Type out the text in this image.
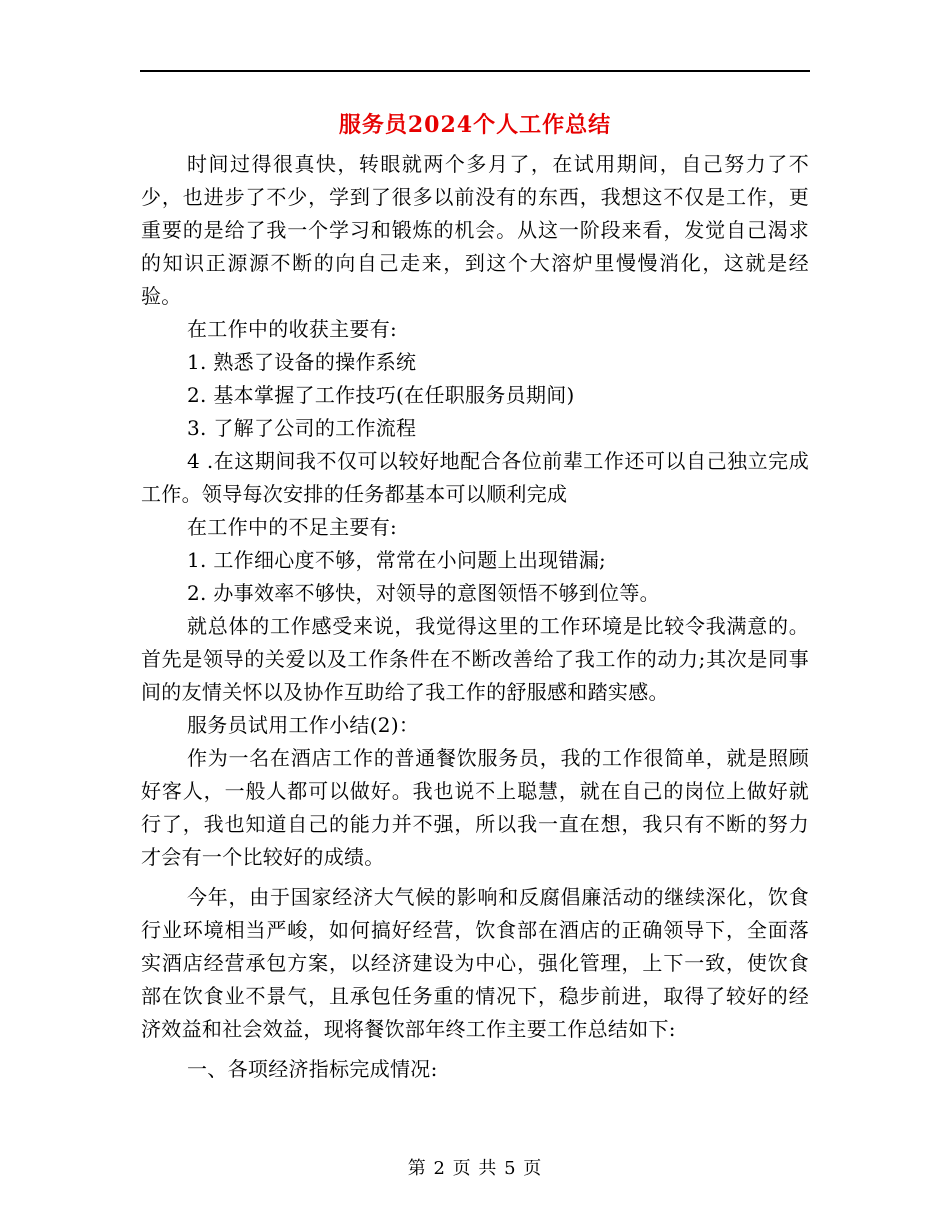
服务员2024个人工作总结

时间过得很真快，转眼就两个多月了，在试用期间，自己努力了不少，也进步了不少，学到了很多以前没有的东西，我想这不仅是工作，更重要的是给了我一个学习和锻炼的机会。从这一阶段来看，发觉自己渴求的知识正源源不断的向自己走来，到这个大溶炉里慢慢消化，这就是经验。

在工作中的收获主要有:

1. 熟悉了设备的操作系统

2. 基本掌握了工作技巧(在任职服务员期间)

3. 了解了公司的工作流程

4 .在这期间我不仅可以较好地配合各位前辈工作还可以自己独立完成工作。领导每次安排的任务都基本可以顺利完成

在工作中的不足主要有:

1. 工作细心度不够，常常在小问题上出现错漏;

2. 办事效率不够快，对领导的意图领悟不够到位等。

就总体的工作感受来说，我觉得这里的工作环境是比较令我满意的。首先是领导的关爱以及工作条件在不断改善给了我工作的动力;其次是同事间的友情关怀以及协作互助给了我工作的舒服感和踏实感。

服务员试用工作小结(2)：

作为一名在酒店工作的普通餐饮服务员，我的工作很简单，就是照顾好客人，一般人都可以做好。我也说不上聪慧，就在自己的岗位上做好就行了，我也知道自己的能力并不强，所以我一直在想，我只有不断的努力才会有一个比较好的成绩。

今年，由于国家经济大气候的影响和反腐倡廉活动的继续深化，饮食行业环境相当严峻，如何搞好经营，饮食部在酒店的正确领导下，全面落实酒店经营承包方案，以经济建设为中心，强化管理，上下一致，使饮食部在饮食业不景气，且承包任务重的情况下，稳步前进，取得了较好的经济效益和社会效益，现将餐饮部年终工作主要工作总结如下:

一、各项经济指标完成情况:

第 2 页 共 5 页
